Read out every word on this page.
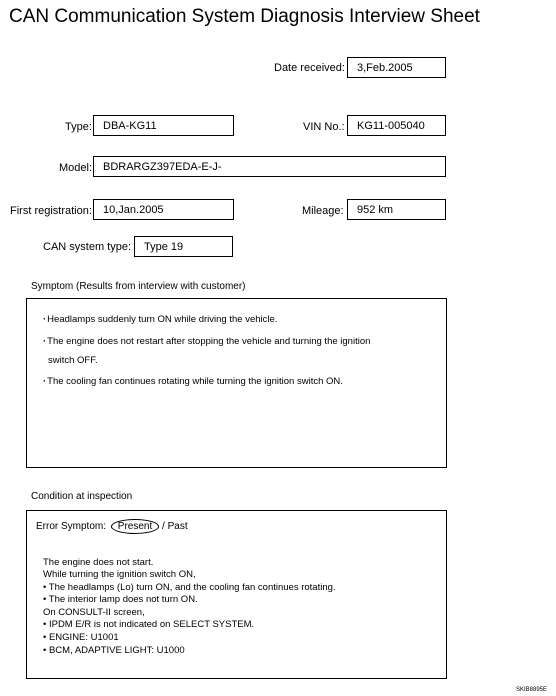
CAN Communication System Diagnosis Interview Sheet
Date received:	3,Feb.2005
Type:	DBA-KG11	VIN No.:	KG11-005040
Model: BDRARGZ397EDA-E-J-
First registration:	10,Jan.2005	Mileage:	952 km
CAN system type:	Type 19
Symptom (Results from interview with customer)
· Headlamps suddenly turn ON while driving the vehicle.
· The engine does not restart after stopping the vehicle and turning the ignition
switch OFF.
· The cooling fan continues rotating while turning the ignition switch ON.
Condition at inspection
Error Symptom: Present / Past
The engine does not start.
While turning the ignition switch ON,
• The headlamps (Lo) turn ON, and the cooling fan continues rotating.
• The interior lamp does not turn ON.
On CONSULT-II screen,
• IPDM E/R is not indicated on SELECT SYSTEM.
• ENGINE: U1001
• BCM, ADAPTIVE LIGHT: U1000
SKIB8895E
